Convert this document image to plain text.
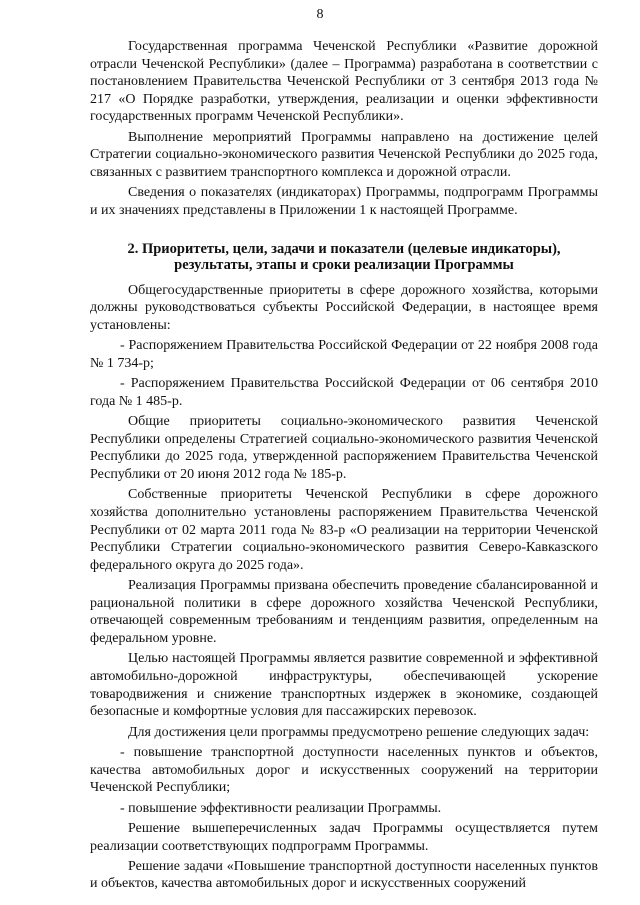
8

Государственная программа Чеченской Республики «Развитие дорожной отрасли Чеченской Республики» (далее – Программа) разработана в соответствии с постановлением Правительства Чеченской Республики от 3 сентября 2013 года № 217 «О Порядке разработки, утверждения, реализации и оценки эффективности государственных программ Чеченской Республики».

Выполнение мероприятий Программы направлено на достижение целей Стратегии социально-экономического развития Чеченской Республики до 2025 года, связанных с развитием транспортного комплекса и дорожной отрасли.

Сведения о показателях (индикаторах) Программы, подпрограмм Программы и их значениях представлены в Приложении 1 к настоящей Программе.

2. Приоритеты, цели, задачи и показатели (целевые индикаторы), результаты, этапы и сроки реализации Программы

Общегосударственные приоритеты в сфере дорожного хозяйства, которыми должны руководствоваться субъекты Российской Федерации, в настоящее время установлены:

- Распоряжением Правительства Российской Федерации от 22 ноября 2008 года № 1 734-р;

- Распоряжением Правительства Российской Федерации от 06 сентября 2010 года № 1 485-р.

Общие приоритеты социально-экономического развития Чеченской Республики определены Стратегией социально-экономического развития Чеченской Республики до 2025 года, утвержденной распоряжением Правительства Чеченской Республики от 20 июня 2012 года № 185-р.

Собственные приоритеты Чеченской Республики в сфере дорожного хозяйства дополнительно установлены распоряжением Правительства Чеченской Республики от 02 марта 2011 года № 83-р «О реализации на территории Чеченской Республики Стратегии социально-экономического развития Северо-Кавказского федерального округа до 2025 года».

Реализация Программы призвана обеспечить проведение сбалансированной и рациональной политики в сфере дорожного хозяйства Чеченской Республики, отвечающей современным требованиям и тенденциям развития, определенным на федеральном уровне.

Целью настоящей Программы является развитие современной и эффективной автомобильно-дорожной инфраструктуры, обеспечивающей ускорение товародвижения и снижение транспортных издержек в экономике, создающей безопасные и комфортные условия для пассажирских перевозок.

Для достижения цели программы предусмотрено решение следующих задач:

- повышение транспортной доступности населенных пунктов и объектов, качества автомобильных дорог и искусственных сооружений на территории Чеченской Республики;

- повышение эффективности реализации Программы.

Решение вышеперечисленных задач Программы осуществляется путем реализации соответствующих подпрограмм Программы.

Решение задачи «Повышение транспортной доступности населенных пунктов и объектов, качества автомобильных дорог и искусственных сооружений
